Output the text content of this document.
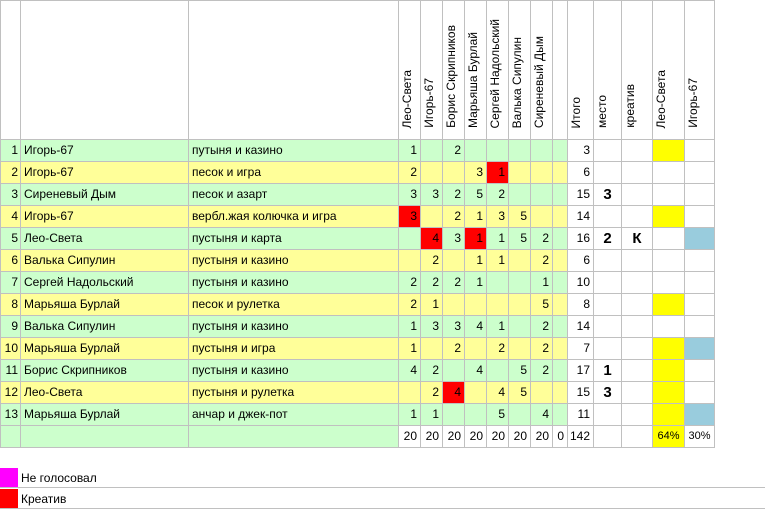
			Лео-Света	Игорь-67	Борис Скрипников	Марьяша Бурлай	Сергей Надольский	Валька Сипулин	Сиреневый Дым		Итого	место	креатив	Лео-Света	Игорь-67
1	Игорь-67	путыня и казино	1		2						3				
2	Игорь-67	песок и игра	2			3	1				6				
3	Сиреневый Дым	песок и азарт	3	3	2	5	2				15	3			
4	Игорь-67	вербл.жая колючка и игра	3		2	1	3	5			14				
5	Лео-Света	пустыня и карта		4	3	1	1	5	2		16	2	К		
6	Валька Сипулин	пустыня и казино		2		1	1		2		6				
7	Сергей Надольский	пустыня и казино	2	2	2	1			1		10				
8	Марьяша Бурлай	песок и рулетка	2	1					5		8				
9	Валька Сипулин	пустыня и казино	1	3	3	4	1		2		14				
10	Марьяша Бурлай	пустыня и игра	1		2		2		2		7				
11	Борис Скрипников	пустыня и казино	4	2		4		5	2		17	1			
12	Лео-Света	пустыня и рулетка		2	4		4	5			15	3			
13	Марьяша Бурлай	анчар и джек-пот	1	1			5		4		11				
			20	20	20	20	20	20	20	0	142			64%	30%
Не голосовал
Креатив
